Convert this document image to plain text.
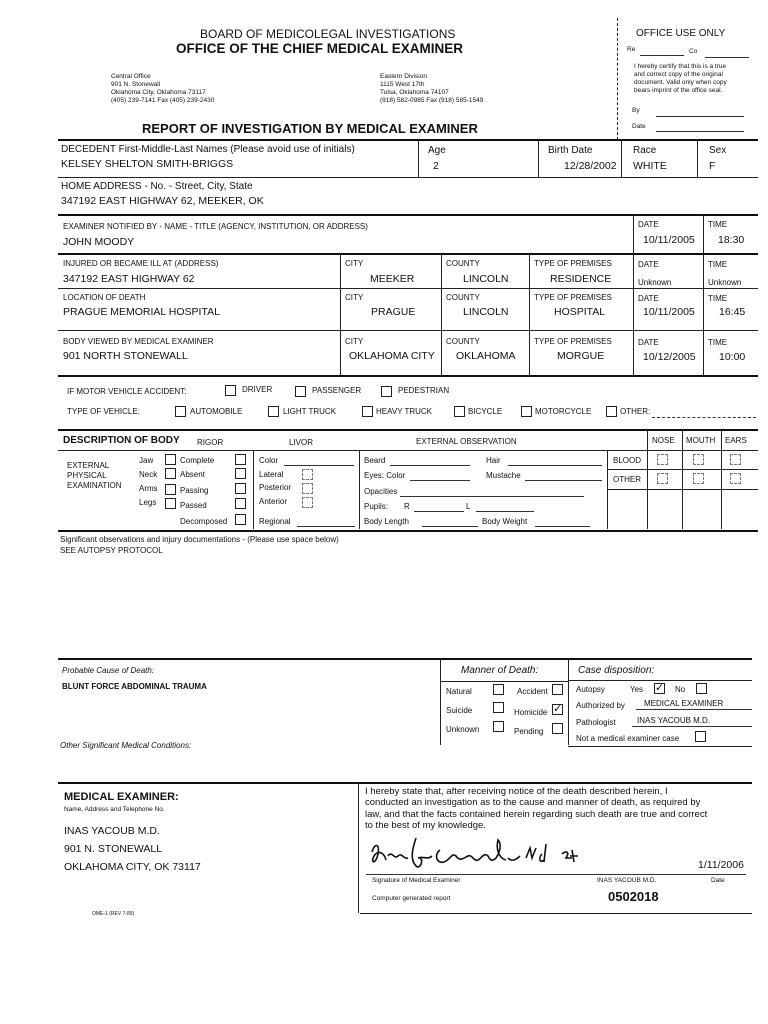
BOARD OF MEDICOLEGAL INVESTIGATIONS
OFFICE OF THE CHIEF MEDICAL EXAMINER
Central Office
901 N. Stonewall
Oklahoma City, Oklahoma 73117
(405) 239-7141 Fax (405) 239-2430
Eastern Division
1115 West 17th
Tulsa, Oklahoma 74107
(918) 582-0985 Fax (918) 585-1549
REPORT OF INVESTIGATION BY MEDICAL EXAMINER
OFFICE USE ONLY
Re	Co
I hereby certify that this is a true
and correct copy of the original
document. Valid only when copy
bears imprint of the office seal.
By
Date
DECEDENT First-Middle-Last Names (Please avoid use of initials)
KELSEY SHELTON SMITH-BRIGGS
Age
2
Birth Date
12/28/2002
Race
WHITE
Sex
F
HOME ADDRESS - No. - Street, City, State
347192 EAST HIGHWAY 62, MEEKER, OK
EXAMINER NOTIFIED BY - NAME - TITLE (AGENCY, INSTITUTION, OR ADDRESS)
JOHN MOODY
DATE
10/11/2005
TIME
18:30
INJURED OR BECAME ILL AT (ADDRESS)
347192 EAST HIGHWAY 62
CITY
MEEKER
COUNTY
LINCOLN
TYPE OF PREMISES
RESIDENCE
DATE
Unknown
TIME
Unknown
LOCATION OF DEATH
PRAGUE MEMORIAL HOSPITAL
CITY
PRAGUE
COUNTY
LINCOLN
TYPE OF PREMISES
HOSPITAL
DATE
10/11/2005
TIME
16:45
BODY VIEWED BY MEDICAL EXAMINER
901 NORTH STONEWALL
CITY
OKLAHOMA CITY
COUNTY
OKLAHOMA
TYPE OF PREMISES
MORGUE
DATE
10/12/2005
TIME
10:00
IF MOTOR VEHICLE ACCIDENT:	DRIVER	PASSENGER	PEDESTRIAN
TYPE OF VEHICLE:	AUTOMOBILE	LIGHT TRUCK	HEAVY TRUCK	BICYCLE	MOTORCYCLE	OTHER:
DESCRIPTION OF BODY RIGOR	LIVOR	EXTERNAL OBSERVATION	NOSE MOUTH EARS
EXTERNAL
PHYSICAL
EXAMINATION
Jaw	Complete
Neck	Absent
Arms	Passing
Legs	Passed
Decomposed
Color
Lateral
Posterior
Anterior
Regional
Beard	Hair
Eyes: Color	Mustache
Opacities
Pupils: R	L
Body Length	Body Weight
BLOOD
OTHER
Significant observations and injury documentations - (Please use space below)
SEE AUTOPSY PROTOCOL
Probable Cause of Death:
BLUNT FORCE ABDOMINAL TRAUMA
Other Significant Medical Conditions:
Manner of Death:
Natural	Accident
Suicide	Homicide
✓
Unknown	Pending
Case disposition:
Autopsy	Yes
✓	No
Authorized by MEDICAL EXAMINER
Pathologist	INAS YACOUB M.D.
Not a medical examiner case
MEDICAL EXAMINER:
Name, Address and Telephone No.
INAS YACOUB M.D.
901 N. STONEWALL
OKLAHOMA CITY, OK 73117
I hereby state that, after receiving notice of the death described herein, I
conducted an investigation as to the cause and manner of death, as required by
law, and that the facts contained herein regarding such death are true and correct
to the best of my knowledge.
1/11/2006
Signature of Medical Examiner	INAS YACOUB M.D.	Date
Computer generated report	0502018
OME-1 (REV 7-89)
